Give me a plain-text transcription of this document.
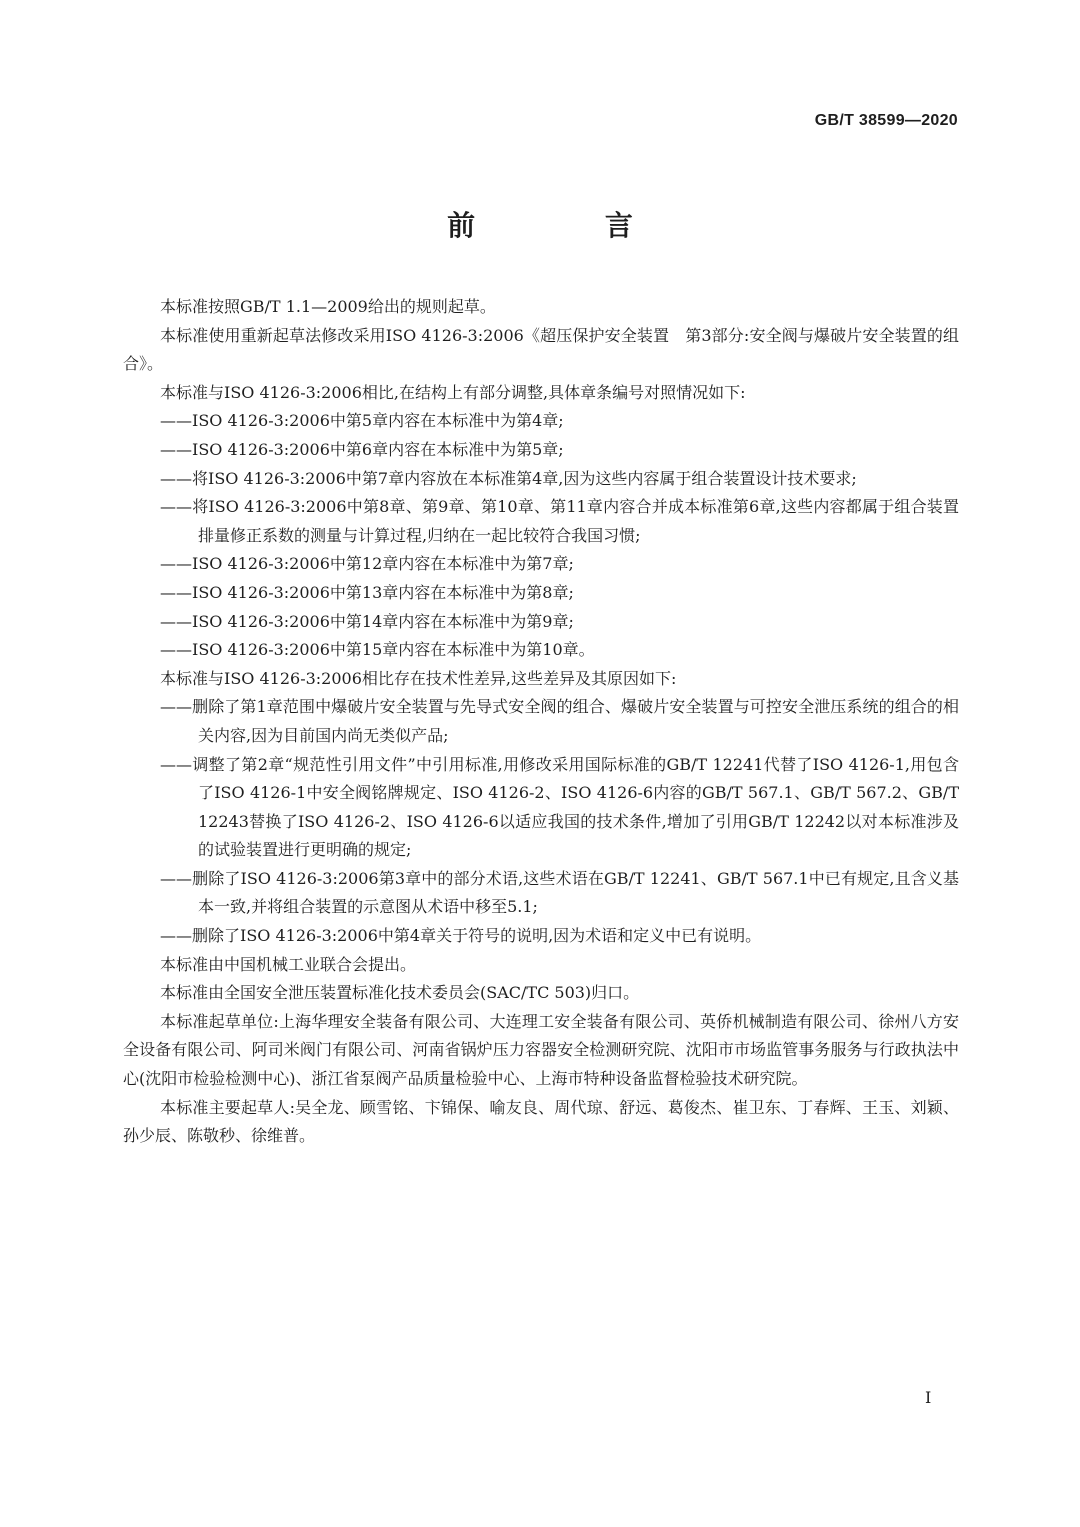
GB/T 38599—2020
前 言

本标准按照GB/T 1.1—2009给出的规则起草。

本标准使用重新起草法修改采用ISO 4126-3:2006《超压保护安全装置　第3部分:安全阀与爆破片安全装置的组合》。

本标准与ISO 4126-3:2006相比,在结构上有部分调整,具体章条编号对照情况如下:

——ISO 4126-3:2006中第5章内容在本标准中为第4章;

——ISO 4126-3:2006中第6章内容在本标准中为第5章;

——将ISO 4126-3:2006中第7章内容放在本标准第4章,因为这些内容属于组合装置设计技术要求;

——将ISO 4126-3:2006中第8章、第9章、第10章、第11章内容合并成本标准第6章,这些内容都属于组合装置排量修正系数的测量与计算过程,归纳在一起比较符合我国习惯;

——ISO 4126-3:2006中第12章内容在本标准中为第7章;

——ISO 4126-3:2006中第13章内容在本标准中为第8章;

——ISO 4126-3:2006中第14章内容在本标准中为第9章;

——ISO 4126-3:2006中第15章内容在本标准中为第10章。

本标准与ISO 4126-3:2006相比存在技术性差异,这些差异及其原因如下:

——删除了第1章范围中爆破片安全装置与先导式安全阀的组合、爆破片安全装置与可控安全泄压系统的组合的相关内容,因为目前国内尚无类似产品;

——调整了第2章“规范性引用文件”中引用标准,用修改采用国际标准的GB/T 12241代替了ISO 4126-1,用包含了ISO 4126-1中安全阀铭牌规定、ISO 4126-2、ISO 4126-6内容的GB/T 567.1、GB/T 567.2、GB/T 12243替换了ISO 4126-2、ISO 4126-6以适应我国的技术条件,增加了引用GB/T 12242以对本标准涉及的试验装置进行更明确的规定;

——删除了ISO 4126-3:2006第3章中的部分术语,这些术语在GB/T 12241、GB/T 567.1中已有规定,且含义基本一致,并将组合装置的示意图从术语中移至5.1;

——删除了ISO 4126-3:2006中第4章关于符号的说明,因为术语和定义中已有说明。

本标准由中国机械工业联合会提出。

本标准由全国安全泄压装置标准化技术委员会(SAC/TC 503)归口。

本标准起草单位:上海华理安全装备有限公司、大连理工安全装备有限公司、英侨机械制造有限公司、徐州八方安全设备有限公司、阿司米阀门有限公司、河南省锅炉压力容器安全检测研究院、沈阳市市场监管事务服务与行政执法中心(沈阳市检验检测中心)、浙江省泵阀产品质量检验中心、上海市特种设备监督检验技术研究院。

本标准主要起草人:吴全龙、顾雪铭、卞锦保、喻友良、周代琼、舒远、葛俊杰、崔卫东、丁春辉、王玉、刘颖、孙少辰、陈敬秒、徐维普。

I
